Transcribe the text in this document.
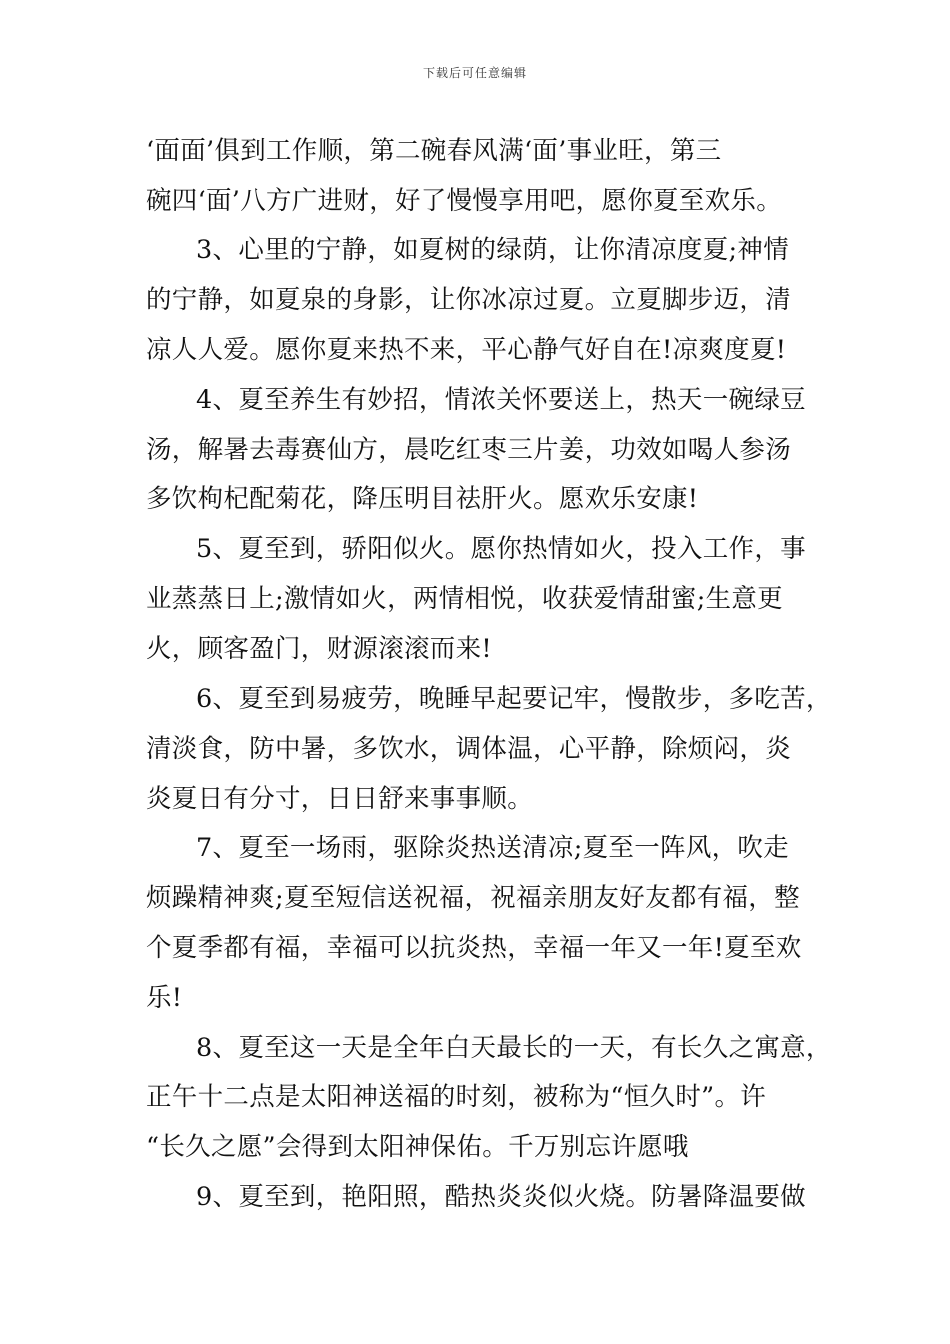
下载后可任意编辑
‘面面’俱到工作顺，第二碗春风满‘面’事业旺，第三
碗四‘面’八方广进财，好了慢慢享用吧，愿你夏至欢乐。
3、心里的宁静，如夏树的绿荫，让你清凉度夏;神情
的宁静，如夏泉的身影，让你冰凉过夏。立夏脚步迈，清
凉人人爱。愿你夏来热不来，平心静气好自在!凉爽度夏!
4、夏至养生有妙招，情浓关怀要送上，热天一碗绿豆
汤，解暑去毒赛仙方，晨吃红枣三片姜，功效如喝人参汤
多饮枸杞配菊花，降压明目祛肝火。愿欢乐安康!
5、夏至到，骄阳似火。愿你热情如火，投入工作，事
业蒸蒸日上;激情如火，两情相悦，收获爱情甜蜜;生意更
火，顾客盈门，财源滚滚而来!
6、夏至到易疲劳，晚睡早起要记牢，慢散步，多吃苦，
清淡食，防中暑，多饮水，调体温，心平静，除烦闷，炎
炎夏日有分寸，日日舒来事事顺。
7、夏至一场雨，驱除炎热送清凉;夏至一阵风，吹走
烦躁精神爽;夏至短信送祝福，祝福亲朋友好友都有福，整
个夏季都有福，幸福可以抗炎热，幸福一年又一年!夏至欢
乐!
8、夏至这一天是全年白天最长的一天，有长久之寓意，
正午十二点是太阳神送福的时刻，被称为“恒久时”。许
“长久之愿”会得到太阳神保佑。千万别忘许愿哦
9、夏至到，艳阳照，酷热炎炎似火烧。防暑降温要做
